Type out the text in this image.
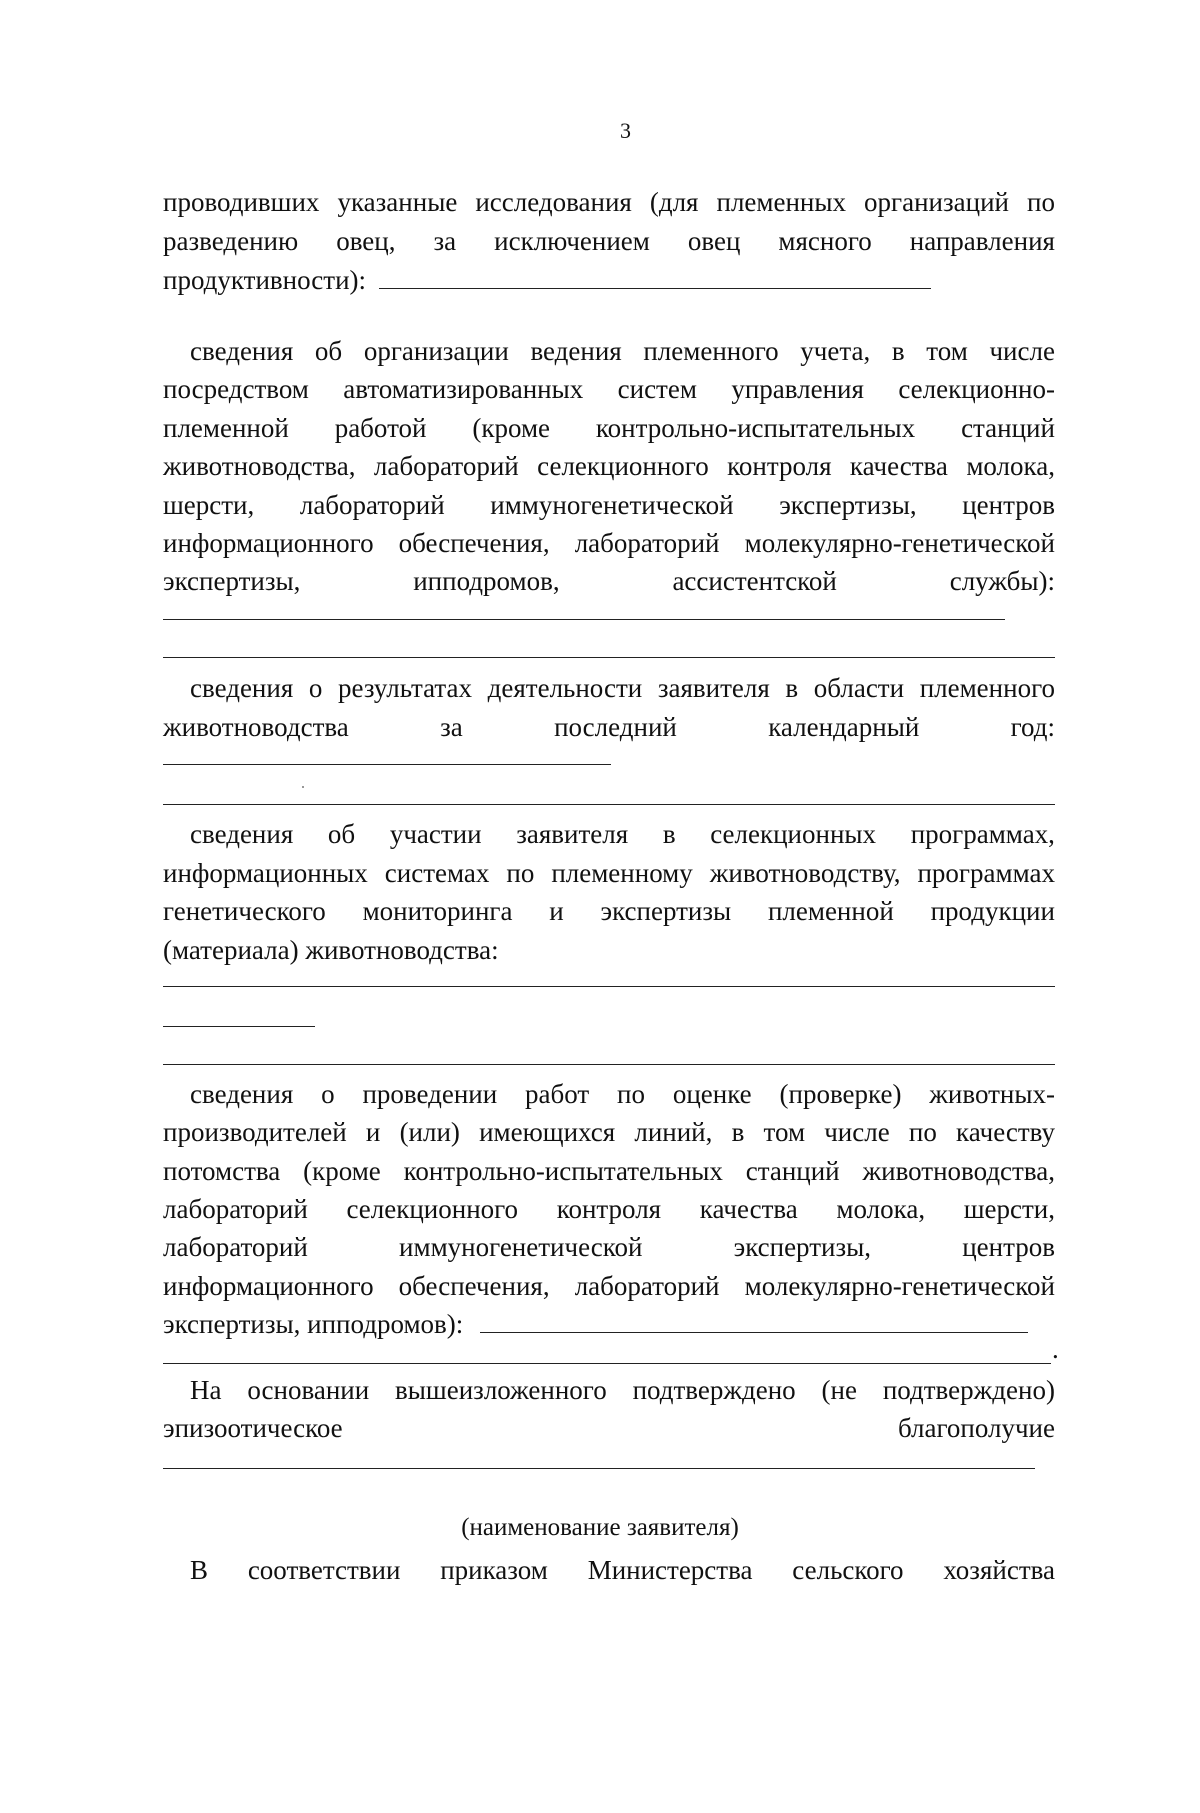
3
проводивших указанные исследования (для племенных организаций по
разведению овец, за исключением овец мясного направления
продуктивности):
сведения об организации ведения племенного учета, в том числе
посредством автоматизированных систем управления селекционно-
племенной работой (кроме контрольно-испытательных станций
животноводства, лабораторий селекционного контроля качества молока,
шерсти, лабораторий иммуногенетической экспертизы, центров
информационного обеспечения, лабораторий молекулярно-генетической
экспертизы,	ипподромов,	ассистентской	службы):
сведения о результатах деятельности заявителя в области племенного
животноводства	за	последний	календарный	год:
сведения об участии заявителя в селекционных программах,
информационных системах по племенному животноводству, программах
генетического мониторинга и экспертизы племенной продукции
(материала) животноводства:
сведения о проведении работ по оценке (проверке) животных-
производителей и (или) имеющихся линий, в том числе по качеству
потомства (кроме контрольно-испытательных станций животноводства,
лабораторий селекционного контроля качества молока, шерсти,
лабораторий	иммуногенетической	экспертизы,	центров
информационного обеспечения, лабораторий молекулярно-генетической
экспертизы, ипподромов):
.
На основании вышеизложенного подтверждено (не подтверждено)
эпизоотическое	благополучие
(наименование заявителя)
В соответствии приказом Министерства сельского хозяйства
